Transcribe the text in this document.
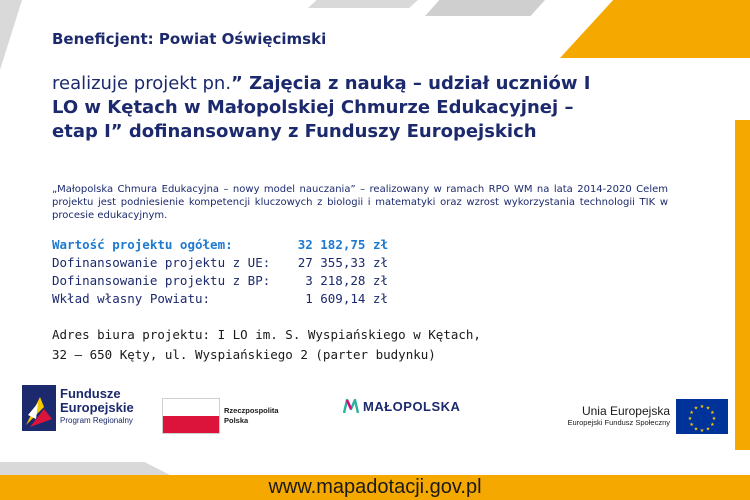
Beneficjent: Powiat Oświęcimski
realizuje projekt pn.” Zajęcia z nauką – udział uczniów I LO w Kętach w Małopolskiej Chmurze Edukacyjnej – etap I” dofinansowany z Funduszy Europejskich
„Małopolska Chmura Edukacyjna – nowy model nauczania” – realizowany w ramach RPO WM na lata 2014-2020 Celem projektu jest podniesienie kompetencji kluczowych z biologii i matematyki oraz wzrost wykorzystania technologii TIK w procesie edukacyjnym.
Wartość projektu ogółem:	32 182,75 zł
Dofinansowanie projektu z UE: 27 355,33 zł
Dofinansowanie projektu z BP:	3 218,28 zł
Wkład własny Powiatu:	1 609,14 zł
Adres biura projektu: I LO im. S. Wyspiańskiego w Kętach,
32 – 650 Kęty, ul. Wyspiańskiego 2 (parter budynku)
Fundusze
Europejskie
Program Regionalny
Rzeczpospolita
Polska
MAŁOPOLSKA	Unia Europejska
Europejski Fundusz Społeczny
★ ★
★
★
★
★
★
★
★
★
★
★
www.mapadotacji.gov.pl
